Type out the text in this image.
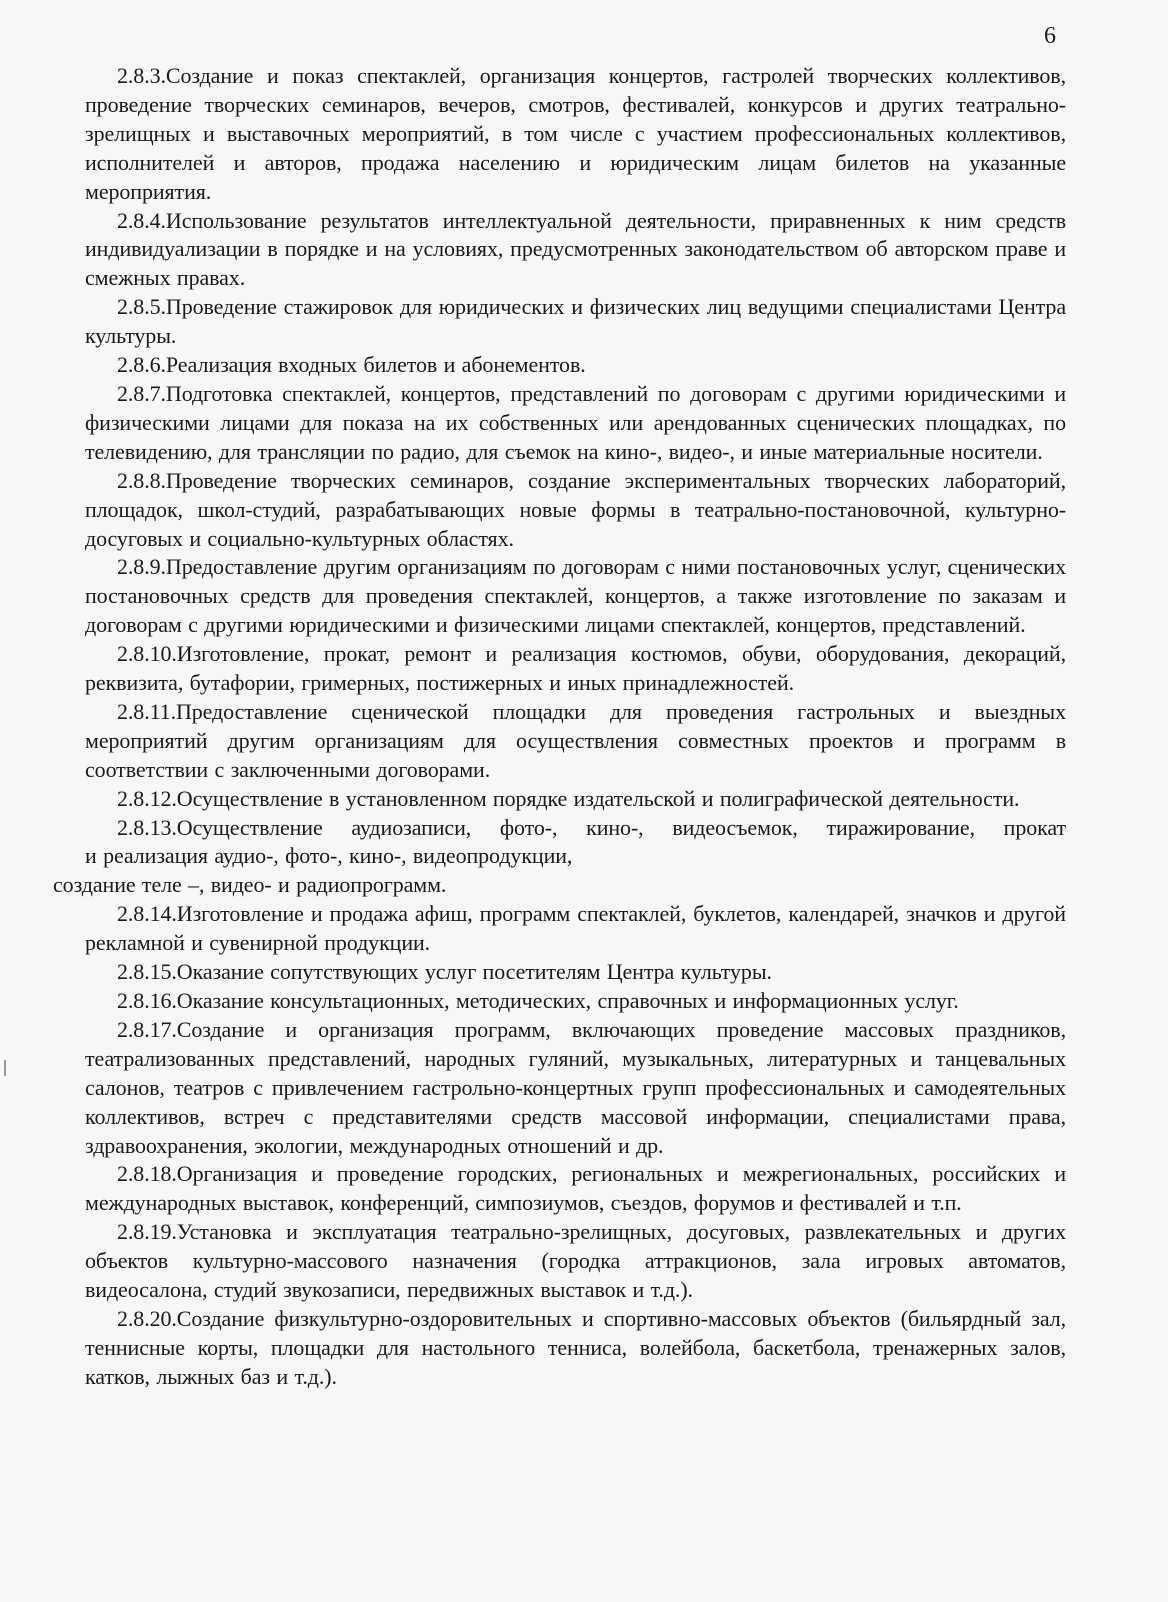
6

2.8.3.Создание и показ спектаклей, организация концертов, гастролей творческих коллективов, проведение творческих семинаров, вечеров, смотров, фестивалей, конкурсов и других театрально-зрелищных и выставочных мероприятий, в том числе с участием профессиональных коллективов, исполнителей и авторов, продажа населению и юридическим лицам билетов на указанные мероприятия.

2.8.4.Использование результатов интеллектуальной деятельности, приравненных к ним средств индивидуализации в порядке и на условиях, предусмотренных законодательством об авторском праве и смежных правах.

2.8.5.Проведение стажировок для юридических и физических лиц ведущими специалистами Центра культуры.

2.8.6.Реализация входных билетов и абонементов.

2.8.7.Подготовка спектаклей, концертов, представлений по договорам с другими юридическими и физическими лицами для показа на их собственных или арендованных сценических площадках, по телевидению, для трансляции по радио, для съемок на кино-, видео-, и иные материальные носители.

2.8.8.Проведение творческих семинаров, создание экспериментальных творческих лабораторий, площадок, школ-студий, разрабатывающих новые формы в театрально-постановочной, культурно-досуговых и социально-культурных областях.

2.8.9.Предоставление другим организациям по договорам с ними постановочных услуг, сценических постановочных средств для проведения спектаклей, концертов, а также изготовление по заказам и договорам с другими юридическими и физическими лицами спектаклей, концертов, представлений.

2.8.10.Изготовление, прокат, ремонт и реализация костюмов, обуви, оборудования, декораций, реквизита, бутафории, гримерных, постижерных и иных принадлежностей.

2.8.11.Предоставление сценической площадки для проведения гастрольных и выездных мероприятий другим организациям для осуществления совместных проектов и программ в соответствии с заключенными договорами.

2.8.12.Осуществление в установленном порядке издательской и полиграфической деятельности.

2.8.13.Осуществление аудиозаписи, фото-, кино-, видеосъемок, тиражирование, прокат
и реализация аудио-, фото-, кино-, видеопродукции,
создание теле –, видео- и радиопрограмм.

2.8.14.Изготовление и продажа афиш, программ спектаклей, буклетов, календарей, значков и другой рекламной и сувенирной продукции.

2.8.15.Оказание сопутствующих услуг посетителям Центра культуры.

2.8.16.Оказание консультационных, методических, справочных и информационных услуг.

2.8.17.Создание и организация программ, включающих проведение массовых праздников, театрализованных представлений, народных гуляний, музыкальных, литературных и танцевальных салонов, театров с привлечением гастрольно-концертных групп профессиональных и самодеятельных коллективов, встреч с представителями средств массовой информации, специалистами права, здравоохранения, экологии, международных отношений и др.

2.8.18.Организация и проведение городских, региональных и межрегиональных, российских и международных выставок, конференций, симпозиумов, съездов, форумов и фестивалей и т.п.

2.8.19.Установка и эксплуатация театрально-зрелищных, досуговых, развлекательных и других объектов культурно-массового назначения (городка аттракционов, зала игровых автоматов, видеосалона, студий звукозаписи, передвижных выставок и т.д.).

2.8.20.Создание физкультурно-оздоровительных и спортивно-массовых объектов (бильярдный зал, теннисные корты, площадки для настольного тенниса, волейбола, баскетбола, тренажерных залов, катков, лыжных баз и т.д.).
